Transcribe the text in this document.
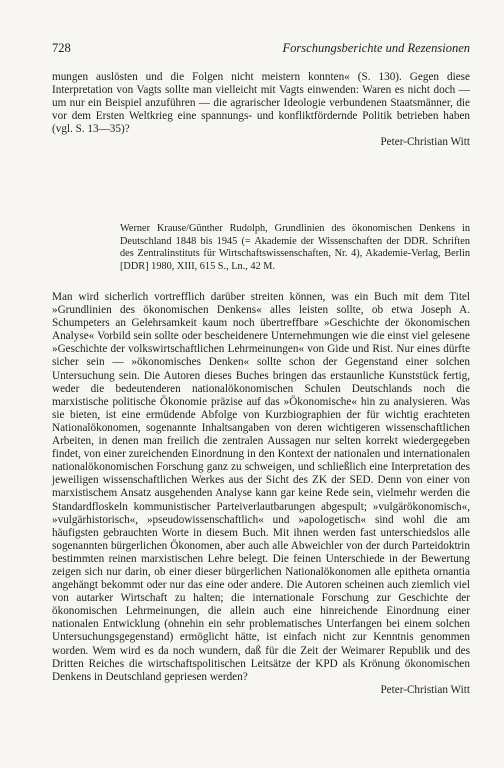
728	Forschungsberichte und Rezensionen

mungen auslösten und die Folgen nicht meistern konnten« (S. 130). Gegen diese Interpretation von Vagts sollte man vielleicht mit Vagts einwenden: Waren es nicht doch — um nur ein Beispiel anzuführen — die agrarischer Ideologie verbundenen Staatsmänner, die vor dem Ersten Weltkrieg eine spannungs- und konfliktfördernde Politik betrieben haben (vgl. S. 13—35)?

Peter-Christian Witt

Werner Krause/Günther Rudolph, Grundlinien des ökonomischen Denkens in Deutschland 1848 bis 1945 (= Akademie der Wissenschaften der DDR. Schriften des Zentralinstituts für Wirtschaftswissenschaften, Nr. 4), Akademie-Verlag, Berlin [DDR] 1980, XIII, 615 S., Ln., 42 M.

Man wird sicherlich vortrefflich darüber streiten können, was ein Buch mit dem Titel »Grundlinien des ökonomischen Denkens« alles leisten sollte, ob etwa Joseph A. Schumpeters an Gelehrsamkeit kaum noch übertreffbare »Geschichte der ökonomischen Analyse« Vorbild sein sollte oder bescheidenere Unternehmungen wie die einst viel gelesene »Geschichte der volkswirtschaftlichen Lehrmeinungen« von Gide und Rist. Nur eines dürfte sicher sein — »ökonomisches Denken« sollte schon der Gegenstand einer solchen Untersuchung sein. Die Autoren dieses Buches bringen das erstaunliche Kunststück fertig, weder die bedeutenderen nationalökonomischen Schulen Deutschlands noch die marxistische politische Ökonomie präzise auf das »Ökonomische« hin zu analysieren. Was sie bieten, ist eine ermüdende Abfolge von Kurzbiographien der für wichtig erachteten Nationalökonomen, sogenannte Inhaltsangaben von deren wichtigeren wissenschaftlichen Arbeiten, in denen man freilich die zentralen Aussagen nur selten korrekt wiedergegeben findet, von einer zureichenden Einordnung in den Kontext der nationalen und internationalen nationalökonomischen Forschung ganz zu schweigen, und schließlich eine Interpretation des jeweiligen wissenschaftlichen Werkes aus der Sicht des ZK der SED. Denn von einer von marxistischem Ansatz ausgehenden Analyse kann gar keine Rede sein, vielmehr werden die Standardfloskeln kommunistischer Parteiverlautbarungen abgespult; »vulgärökonomisch«, »vulgärhistorisch«, »pseudowissenschaftlich« und »apologetisch« sind wohl die am häufigsten gebrauchten Worte in diesem Buch. Mit ihnen werden fast unterschiedslos alle sogenannten bürgerlichen Ökonomen, aber auch alle Abweichler von der durch Parteidoktrin bestimmten reinen marxistischen Lehre belegt. Die feinen Unterschiede in der Bewertung zeigen sich nur darin, ob einer dieser bürgerlichen Nationalökonomen alle epitheta ornantia angehängt bekommt oder nur das eine oder andere. Die Autoren scheinen auch ziemlich viel von autarker Wirtschaft zu halten; die internationale Forschung zur Geschichte der ökonomischen Lehrmeinungen, die allein auch eine hinreichende Einordnung einer nationalen Entwicklung (ohnehin ein sehr problematisches Unterfangen bei einem solchen Untersuchungsgegenstand) ermöglicht hätte, ist einfach nicht zur Kenntnis genommen worden. Wem wird es da noch wundern, daß für die Zeit der Weimarer Republik und des Dritten Reiches die wirtschaftspolitischen Leitsätze der KPD als Krönung ökonomischen Denkens in Deutschland gepriesen werden?

Peter-Christian Witt
